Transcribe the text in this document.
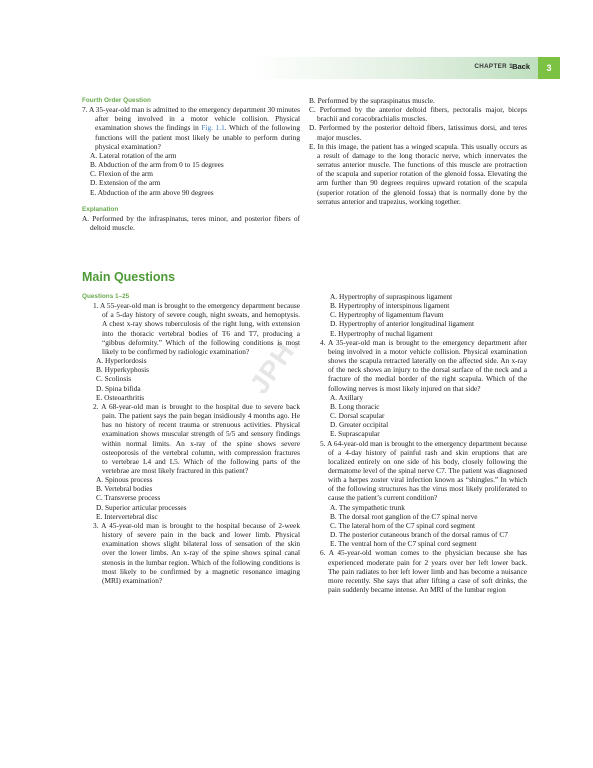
CHAPTER 1 Back	3
JPH.

Fourth Order Question

7. A 35-year-old man is admitted to the emergency department 30 minutes after being involved in a motor vehicle collision. Physical examination shows the findings in Fig. 1.1. Which of the following functions will the patient most likely be unable to perform during physical examination?

A. Lateral rotation of the arm

B. Abduction of the arm from 0 to 15 degrees

C. Flexion of the arm

D. Extension of the arm

E. Abduction of the arm above 90 degrees

Explanation

A. Performed by the infraspinatus, teres minor, and posterior fibers of deltoid muscle.

B. Performed by the supraspinatus muscle.

C. Performed by the anterior deltoid fibers, pectoralis major, biceps brachii and coracobrachialis muscles.

D. Performed by the posterior deltoid fibers, latissimus dorsi, and teres major muscles.

E. In this image, the patient has a winged scapula. This usually occurs as a result of damage to the long thoracic nerve, which innervates the serratus anterior muscle. The functions of this muscle are protraction of the scapula and superior rotation of the glenoid fossa. Elevating the arm further than 90 degrees requires upward rotation of the scapula (superior rotation of the glenoid fossa) that is normally done by the serratus anterior and trapezius, working together.

Main Questions

Questions 1–25

1. A 55-year-old man is brought to the emergency department because of a 5-day history of severe cough, night sweats, and hemoptysis. A chest x-ray shows tuberculosis of the right lung, with extension into the thoracic vertebral bodies of T6 and T7, producing a “gibbus deformity.” Which of the following conditions is most likely to be confirmed by radiologic examination?

A. Hyperlordosis

B. Hyperkyphosis

C. Scoliosis

D. Spina bifida

E. Osteoarthritis

2. A 68-year-old man is brought to the hospital due to severe back pain. The patient says the pain began insidiously 4 months ago. He has no history of recent trauma or strenuous activities. Physical examination shows muscular strength of 5/5 and sensory findings within normal limits. An x-ray of the spine shows severe osteoporosis of the vertebral column, with compression fractures to vertebrae L4 and L5. Which of the following parts of the vertebrae are most likely fractured in this patient?

A. Spinous process

B. Vertebral bodies

C. Transverse process

D. Superior articular processes

E. Intervertebral disc

3. A 45-year-old man is brought to the hospital because of 2-week history of severe pain in the back and lower limb. Physical examination shows slight bilateral loss of sensation of the skin over the lower limbs. An x-ray of the spine shows spinal canal stenosis in the lumbar region. Which of the following conditions is most likely to be confirmed by a magnetic resonance imaging (MRI) examination?

A. Hypertrophy of supraspinous ligament

B. Hypertrophy of interspinous ligament

C. Hypertrophy of ligamentum flavum

D. Hypertrophy of anterior longitudinal ligament

E. Hypertrophy of nuchal ligament

4. A 35-year-old man is brought to the emergency department after being involved in a motor vehicle collision. Physical examination shows the scapula retracted laterally on the affected side. An x-ray of the neck shows an injury to the dorsal surface of the neck and a fracture of the medial border of the right scapula. Which of the following nerves is most likely injured on that side?

A. Axillary

B. Long thoracic

C. Dorsal scapular

D. Greater occipital

E. Suprascapular

5. A 64-year-old man is brought to the emergency department because of a 4-day history of painful rash and skin eruptions that are localized entirely on one side of his body, closely following the dermatome level of the spinal nerve C7. The patient was diagnosed with a herpes zoster viral infection known as “shingles.” In which of the following structures has the virus most likely proliferated to cause the patient’s current condition?

A. The sympathetic trunk

B. The dorsal root ganglion of the C7 spinal nerve

C. The lateral horn of the C7 spinal cord segment

D. The posterior cutaneous branch of the dorsal ramus of C7

E. The ventral horn of the C7 spinal cord segment

6. A 45-year-old woman comes to the physician because she has experienced moderate pain for 2 years over her left lower back. The pain radiates to her left lower limb and has become a nuisance more recently. She says that after lifting a case of soft drinks, the pain suddenly became intense. An MRI of the lumbar region
